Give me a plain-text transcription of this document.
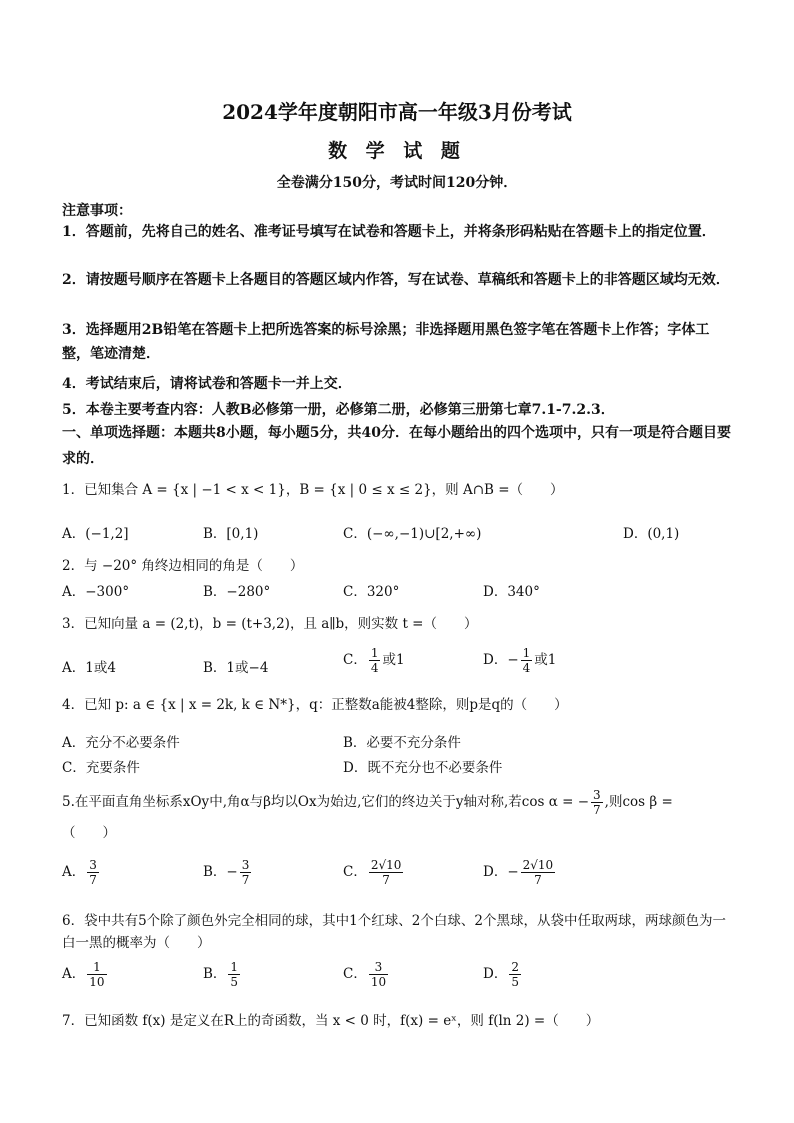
2024学年度朝阳市高一年级3月份考试
数 学 试 题
全卷满分150分，考试时间120分钟．
注意事项：
1．答题前，先将自己的姓名、准考证号填写在试卷和答题卡上，并将条形码粘贴在答题卡上的指定位置．
2．请按题号顺序在答题卡上各题目的答题区域内作答，写在试卷、草稿纸和答题卡上的非答题区域均无效．
3．选择题用2B铅笔在答题卡上把所选答案的标号涂黑；非选择题用黑色签字笔在答题卡上作答；字体工整，笔迹清楚．
4．考试结束后，请将试卷和答题卡一并上交．
5．本卷主要考查内容：人教B必修第一册，必修第二册，必修第三册第七章7.1-7.2.3．
一、单项选择题：本题共8小题，每小题5分，共40分．在每小题给出的四个选项中，只有一项是符合题目要求的．
1．已知集合 A = {x | −1 < x < 1}，B = {x | 0 ≤ x ≤ 2}，则 A∩B =（　　）
A．(−1,2]	B．[0,1)	C．(−∞,−1)∪[2,+∞)	D．(0,1)
2．与 −20° 角终边相同的角是（　　）
A．−300°	B．−280°	C．320°	D．340°
3．已知向量 a = (2,t)，b = (t+3,2)，且 a∥b，则实数 t =（　　）
A．1或4	B．1或−4	C． $\frac{1}{4}$ 或1	D．− $\frac{1}{4}$ 或1
4．已知 p: a ∈ {x | x = 2k, k ∈ N*}，q：正整数a能被4整除，则p是q的（　　）
A．充分不必要条件	B．必要不充分条件
C．充要条件	D．既不充分也不必要条件
5.在平面直角坐标系xOy中,角α与β均以Ox为始边,它们的终边关于y轴对称,若cos α = − $\frac{3}{7}$ ,则cos β =
（　　）
A． $\frac{3}{7}$	B．− $\frac{3}{7}$	C． $\frac{2√10}{7}$	D．− $\frac{2√10}{7}$
6．袋中共有5个除了颜色外完全相同的球，其中1个红球、2个白球、2个黑球，从袋中任取两球，两球颜色为一白一黑的概率为（　　）
A． $\frac{1}{10}$	B． $\frac{1}{5}$	C． $\frac{3}{10}$	D． $\frac{2}{5}$
7．已知函数 f(x) 是定义在R上的奇函数，当 x < 0 时，f(x) = eˣ，则 f(ln 2) =（　　）
